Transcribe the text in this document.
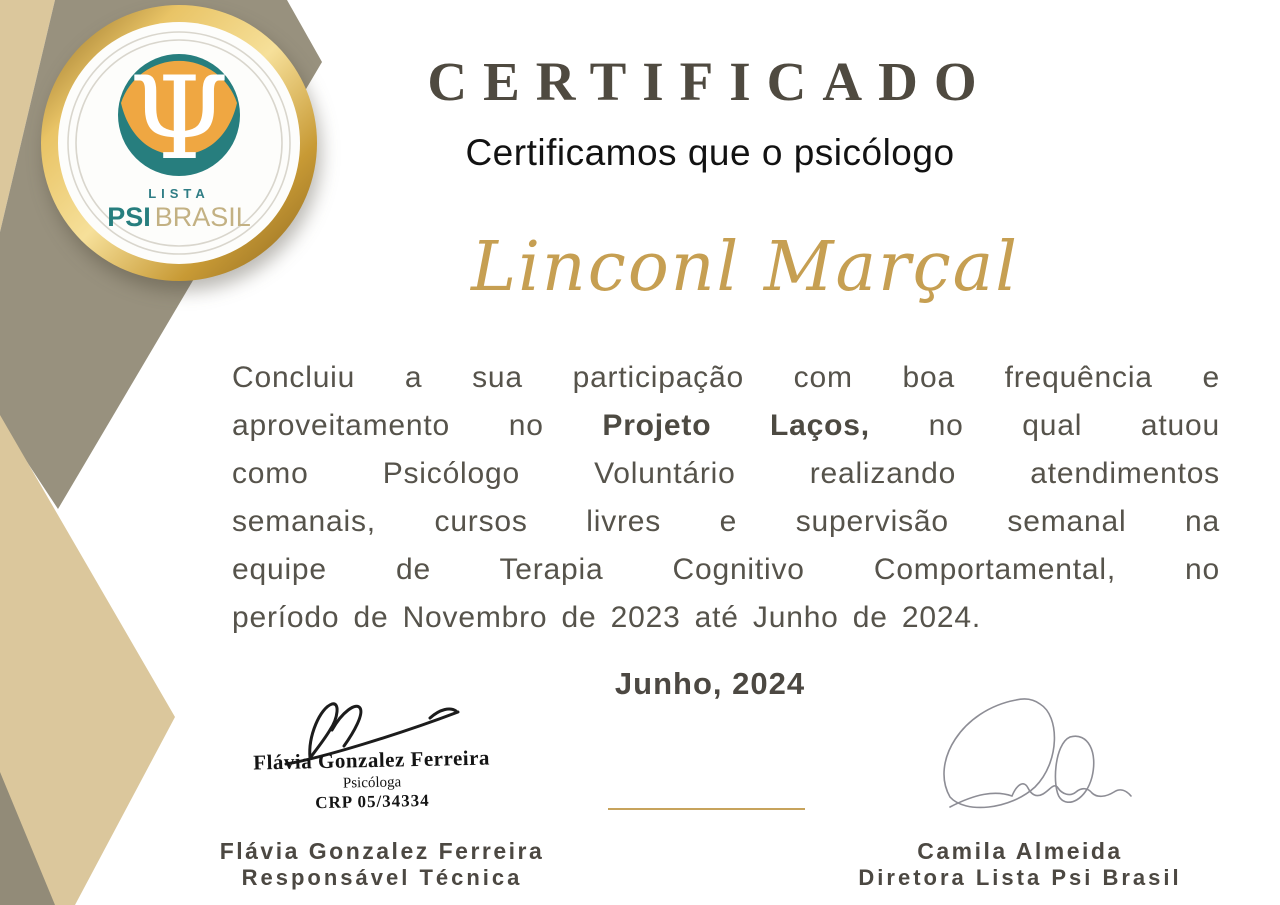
Ψ
LISTA
PSI BRASIL
CERTIFICADO
Certificamos que o psicólogo
Linconl Marçal
Concluiu a sua participação com boa frequência e
aproveitamento no Projeto Laços, no qual atuou
como Psicólogo Voluntário realizando atendimentos
semanais, cursos livres e supervisão semanal na
equipe de Terapia Cognitivo Comportamental, no
período de Novembro de 2023 até Junho de 2024.
Junho, 2024
Flávia Gonzalez Ferreira
Psicóloga
CRP 05/34334
Flávia Gonzalez Ferreira
Responsável Técnica
Camila Almeida
Diretora Lista Psi Brasil
